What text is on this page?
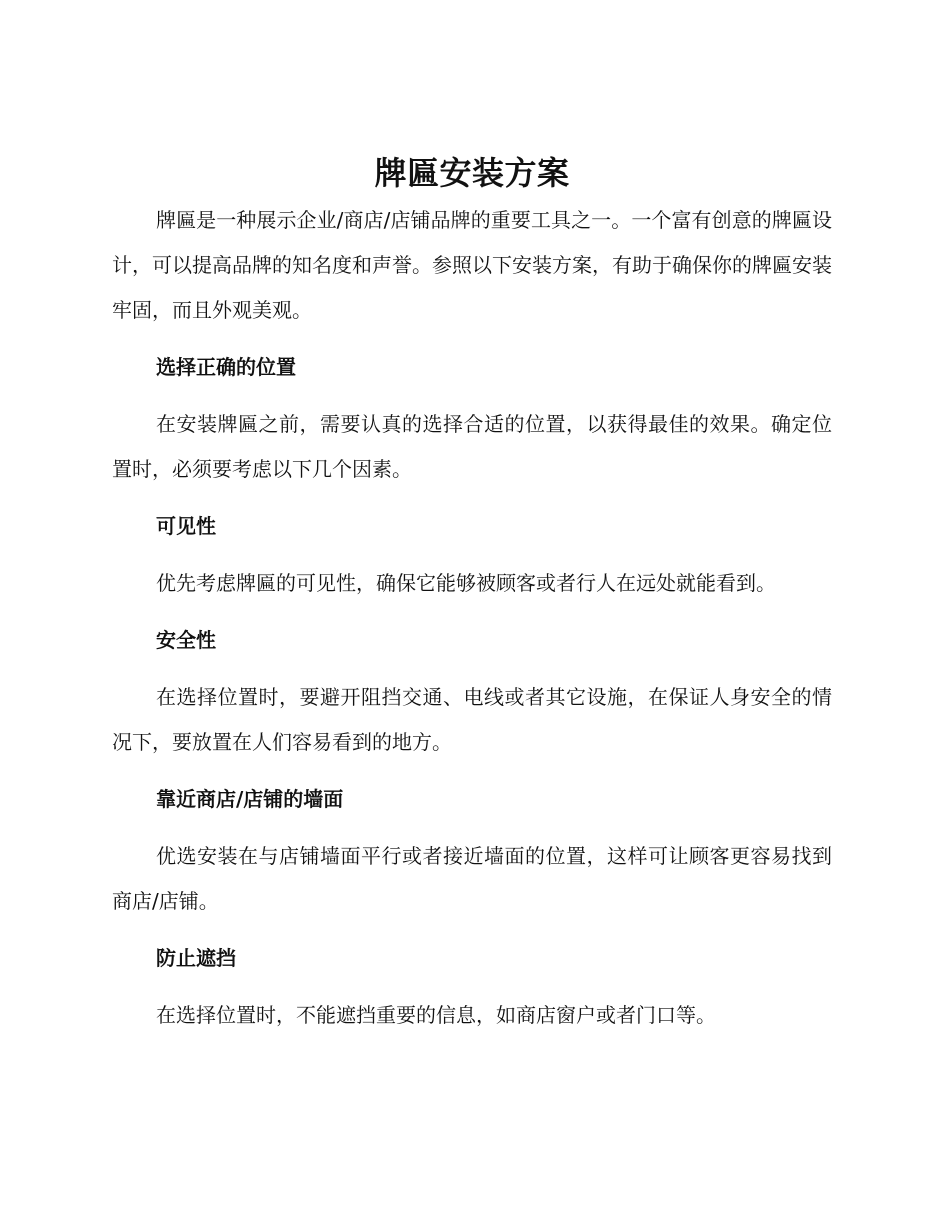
牌匾安装方案

牌匾是一种展示企业/商店/店铺品牌的重要工具之一。一个富有创意的牌匾设计，可以提高品牌的知名度和声誉。参照以下安装方案，有助于确保你的牌匾安装牢固，而且外观美观。

选择正确的位置

在安装牌匾之前，需要认真的选择合适的位置，以获得最佳的效果。确定位置时，必须要考虑以下几个因素。

可见性

优先考虑牌匾的可见性，确保它能够被顾客或者行人在远处就能看到。

安全性

在选择位置时，要避开阻挡交通、电线或者其它设施，在保证人身安全的情况下，要放置在人们容易看到的地方。

靠近商店/店铺的墙面

优选安装在与店铺墙面平行或者接近墙面的位置，这样可让顾客更容易找到商店/店铺。

防止遮挡

在选择位置时，不能遮挡重要的信息，如商店窗户或者门口等。
